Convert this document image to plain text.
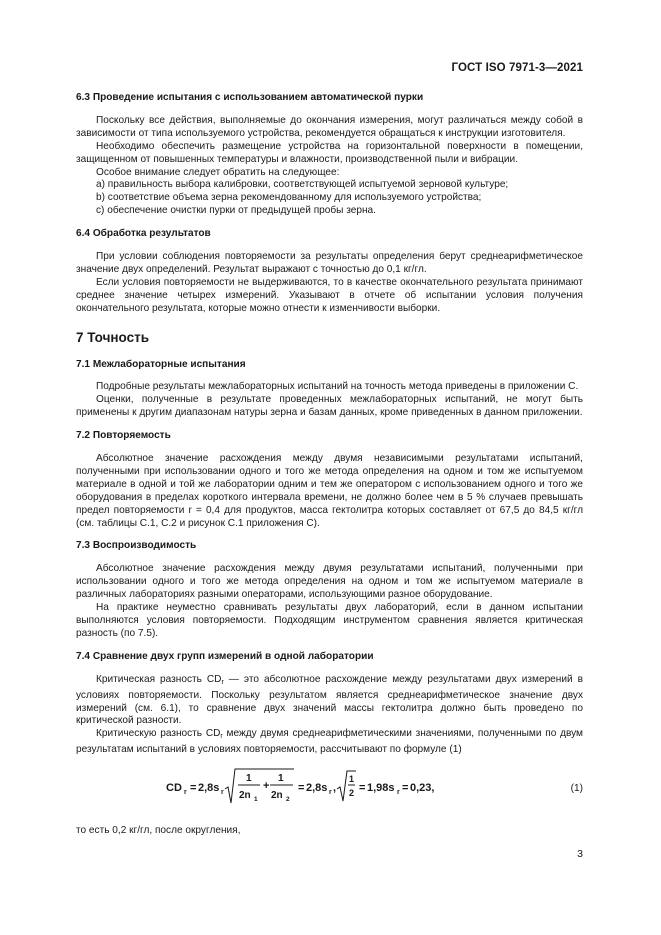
ГОСТ ISO 7971-3—2021
6.3 Проведение испытания с использованием автоматической пурки

Поскольку все действия, выполняемые до окончания измерения, могут различаться между собой в зависимости от типа используемого устройства, рекомендуется обращаться к инструкции изготовителя.

Необходимо обеспечить размещение устройства на горизонтальной поверхности в помещении, защищенном от повышенных температуры и влажности, производственной пыли и вибрации.

Особое внимание следует обратить на следующее:

а) правильность выбора калибровки, соответствующей испытуемой зерновой культуре;

b) соответствие объема зерна рекомендованному для используемого устройства;

с) обеспечение очистки пурки от предыдущей пробы зерна.

6.4 Обработка результатов

При условии соблюдения повторяемости за результаты определения берут среднеарифметическое значение двух определений. Результат выражают с точностью до 0,1 кг/гл.

Если условия повторяемости не выдерживаются, то в качестве окончательного результата принимают среднее значение четырех измерений. Указывают в отчете об испытании условия получения окончательного результата, которые можно отнести к изменчивости выборки.

7 Точность
7.1 Межлабораторные испытания

Подробные результаты межлабораторных испытаний на точность метода приведены в приложении С.

Оценки, полученные в результате проведенных межлабораторных испытаний, не могут быть применены к другим диапазонам натуры зерна и базам данных, кроме приведенных в данном приложении.

7.2 Повторяемость

Абсолютное значение расхождения между двумя независимыми результатами испытаний, полученными при использовании одного и того же метода определения на одном и том же испытуемом материале в одной и той же лаборатории одним и тем же оператором с использованием одного и того же оборудования в пределах короткого интервала времени, не должно более чем в 5 % случаев превышать предел повторяемости r = 0,4 для продуктов, масса гектолитра которых составляет от 67,5 до 84,5 кг/гл (см. таблицы С.1, С.2 и рисунок С.1 приложения С).

7.3 Воспроизводимость

Абсолютное значение расхождения между двумя результатами испытаний, полученными при использовании одного и того же метода определения на одном и том же испытуемом материале в различных лабораториях разными операторами, использующими разное оборудование.

На практике неуместно сравнивать результаты двух лабораторий, если в данном испытании выполняются условия повторяемости. Подходящим инструментом сравнения является критическая разность (по 7.5).

7.4 Сравнение двух групп измерений в одной лаборатории

Критическая разность $CD_r$ — это абсолютное расхождение между результатами двух измерений в условиях повторяемости. Поскольку результатом является среднеарифметическое значение двух измерений (см. 6.1), то сравнение двух значений массы гектолитра должно быть проведено по критической разности.

Критическую разность $CD_r$ между двумя среднеарифметическими значениями, полученными по двум результатам испытаний в условиях повторяемости, рассчитывают по формуле (1)

CD r = 2,8s r
1
2n 1
+
1
2n 2
= 2,8s r ,
1
2 = 1,98s r = 0,23,	(1)

то есть 0,2 кг/гл, после округления,

3
